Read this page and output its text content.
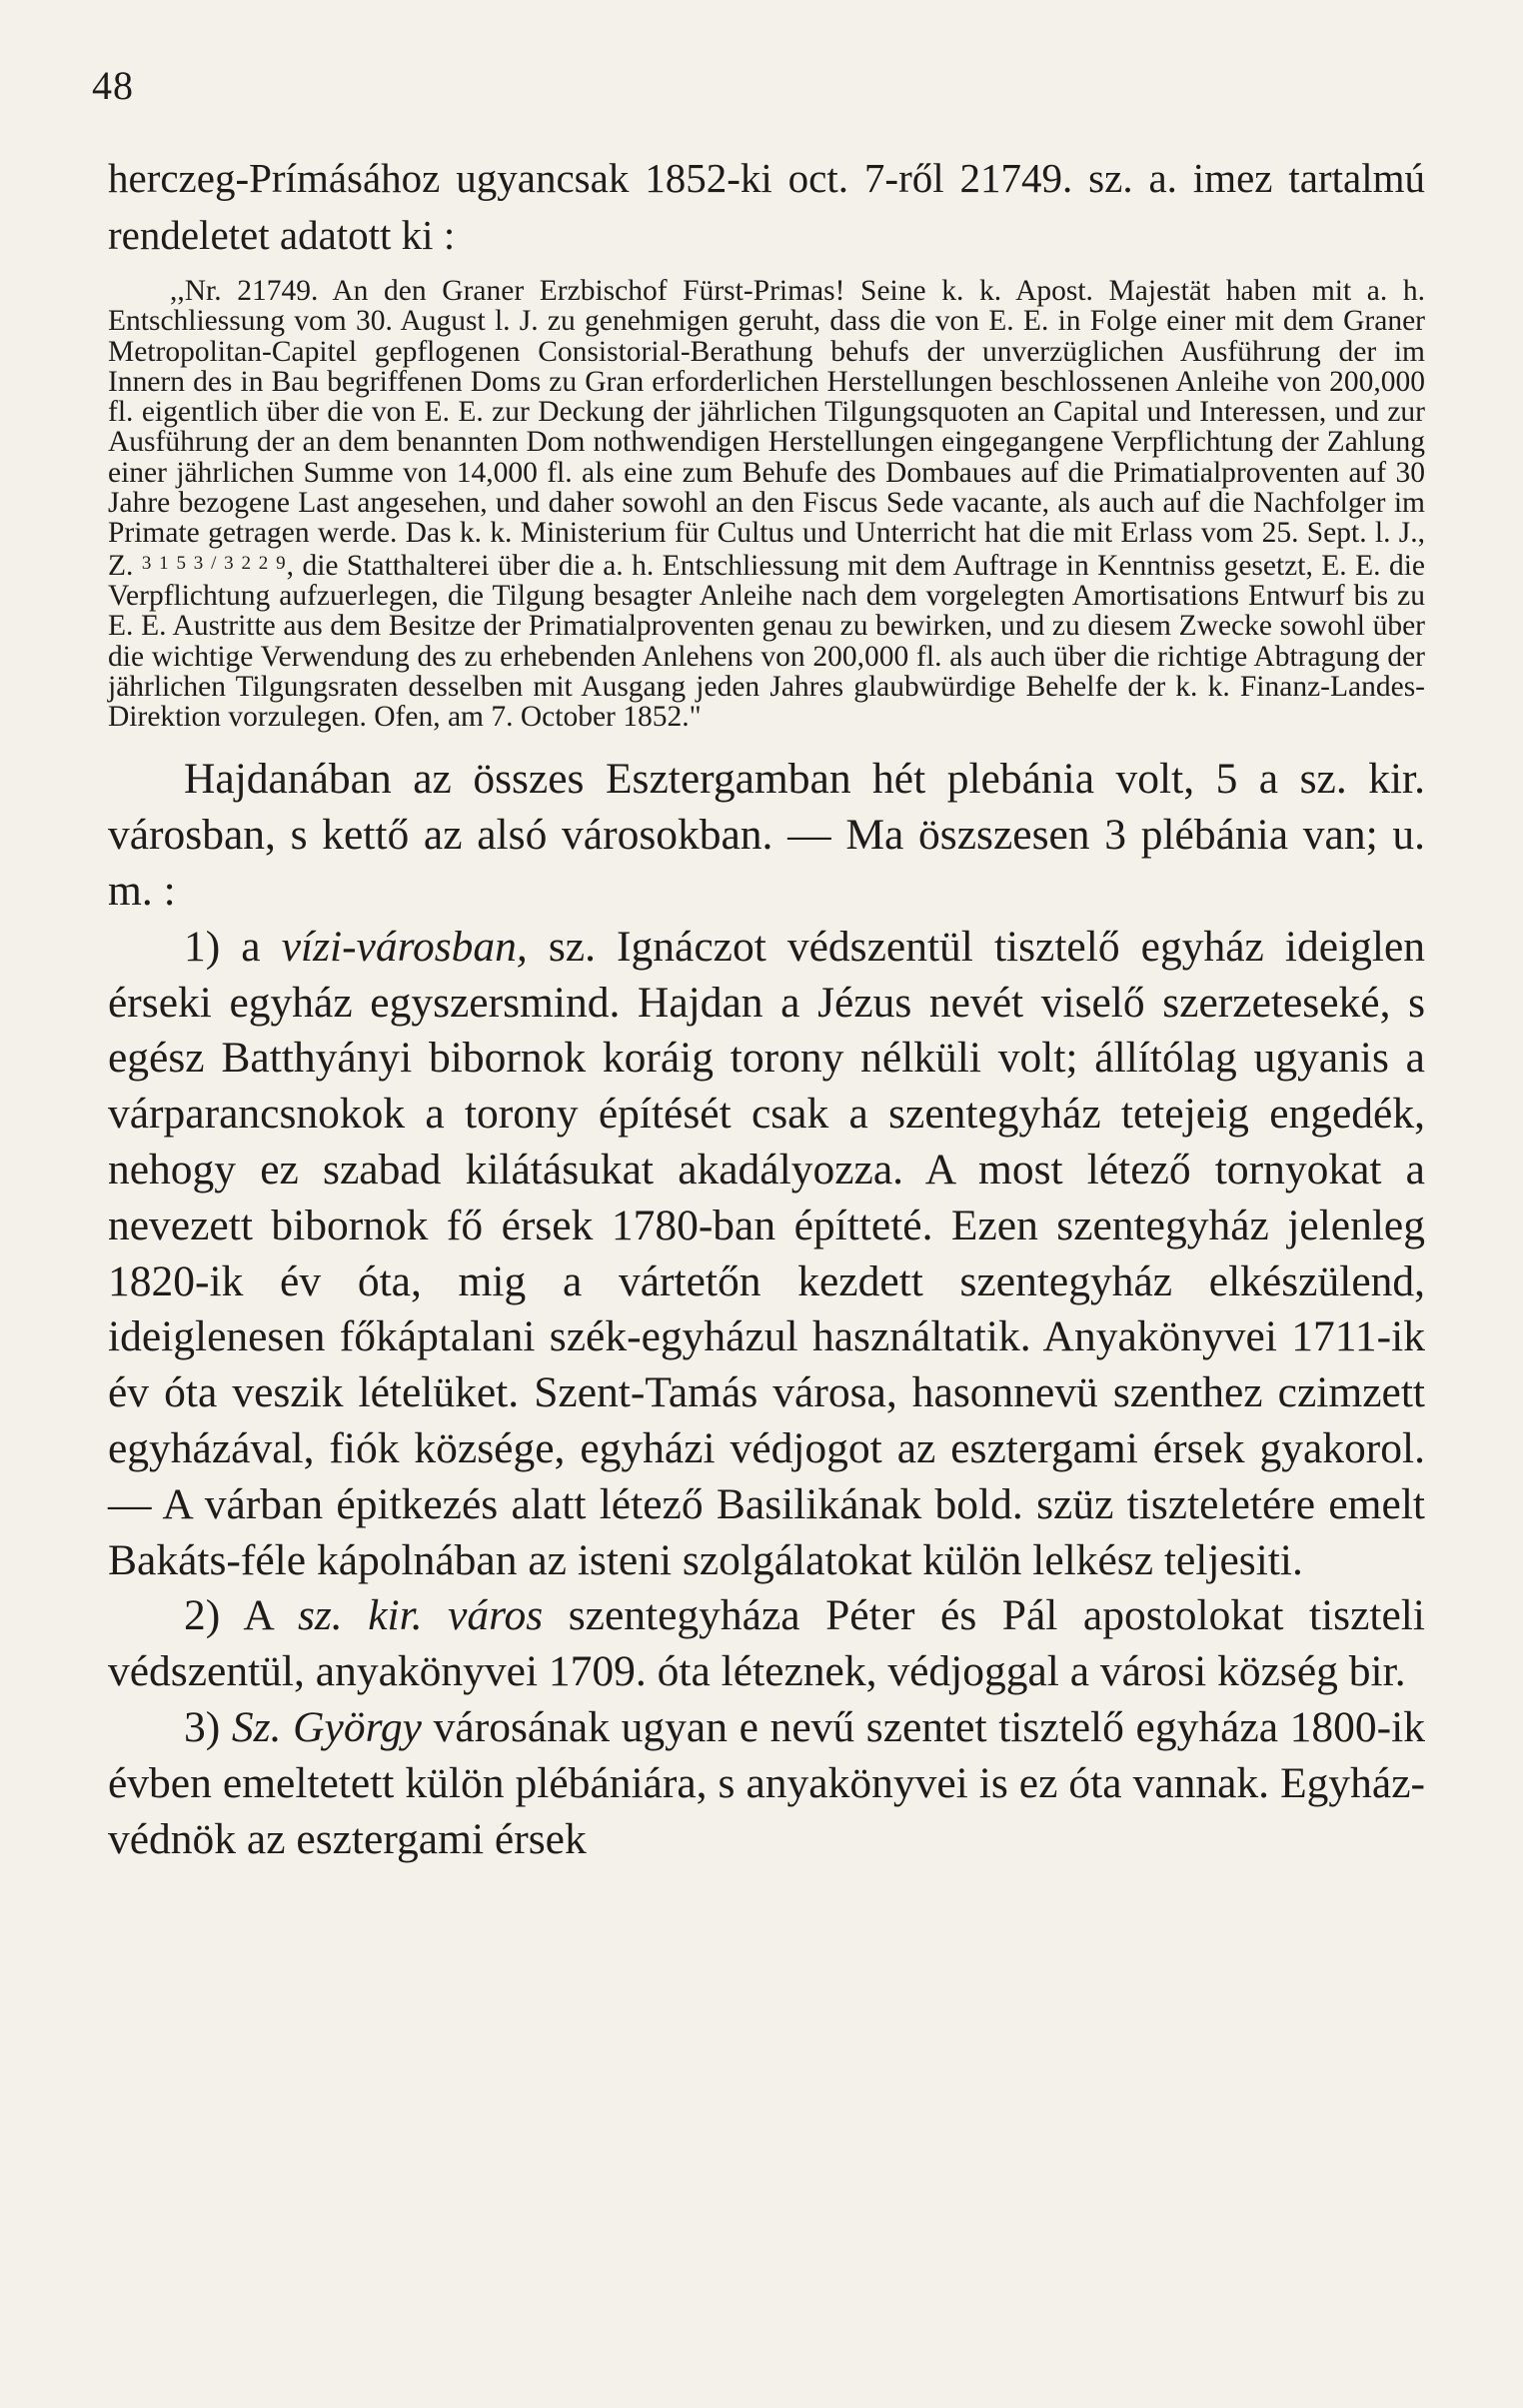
48

herczeg-Prímásához ugyancsak 1852-ki oct. 7-ről 21749. sz. a. imez tartalmú rendeletet adatott ki :

,,Nr. 21749. An den Graner Erzbischof Fürst-Primas! Seine k. k. Apost. Majestät haben mit a. h. Entschliessung vom 30. August l. J. zu genehmigen geruht, dass die von E. E. in Folge einer mit dem Graner Metropolitan-Capitel gepflogenen Consistorial-Berathung behufs der unverzüglichen Ausführung der im Innern des in Bau begriffenen Doms zu Gran erforderlichen Herstellungen beschlossenen Anleihe von 200,000 fl. eigentlich über die von E. E. zur Deckung der jährlichen Tilgungsquoten an Capital und Interessen, und zur Ausführung der an dem benannten Dom nothwendigen Herstellungen eingegangene Verpflichtung der Zahlung einer jährlichen Summe von 14,000 fl. als eine zum Behufe des Dombaues auf die Primatialproventen auf 30 Jahre bezogene Last angesehen, und daher sowohl an den Fiscus Sede vacante, als auch auf die Nachfolger im Primate getragen werde. Das k. k. Ministerium für Cultus und Unterricht hat die mit Erlass vom 25. Sept. l. J., Z. $^{3 1 5 3 / 3 2 2 9}$, die Statthalterei über die a. h. Entschliessung mit dem Auftrage in Kenntniss gesetzt, E. E. die Verpflichtung aufzuerlegen, die Tilgung besagter Anleihe nach dem vorgelegten Amortisations Entwurf bis zu E. E. Austritte aus dem Besitze der Primatialproventen genau zu bewirken, und zu diesem Zwecke sowohl über die wichtige Verwendung des zu erhebenden Anlehens von 200,000 fl. als auch über die richtige Abtragung der jährlichen Tilgungsraten desselben mit Ausgang jeden Jahres glaubwürdige Behelfe der k. k. Finanz-Landes-Direktion vorzulegen. Ofen, am 7. October 1852."

Hajdanában az összes Esztergamban hét plebánia volt, 5 a sz. kir. városban, s kettő az alsó városokban. — Ma öszszesen 3 plébánia van; u. m. :

1) a vízi-városban, sz. Ignáczot védszentül tisztelő egyház ideiglen érseki egyház egyszersmind. Hajdan a Jézus nevét viselő szerzeteseké, s egész Batthyányi bibornok koráig torony nélküli volt; állítólag ugyanis a várparancsnokok a torony építését csak a szentegyház tetejeig engedék, nehogy ez szabad kilátásukat akadályozza. A most létező tornyokat a nevezett bibornok fő érsek 1780-ban építteté. Ezen szentegyház jelenleg 1820-ik év óta, mig a vártetőn kezdett szentegyház elkészülend, ideiglenesen főkáptalani szék-egyházul használtatik. Anyakönyvei 1711-ik év óta veszik lételüket. Szent-Tamás városa, hasonnevü szenthez czimzett egyházával, fiók községe, egyházi védjogot az esztergami érsek gyakorol. — A várban épitkezés alatt létező Basilikának bold. szüz tiszteletére emelt Bakáts-féle kápolnában az isteni szolgálatokat külön lelkész teljesiti.

2) A sz. kir. város szentegyháza Péter és Pál apostolokat tiszteli védszentül, anyakönyvei 1709. óta léteznek, védjoggal a városi község bir.

3) Sz. György városának ugyan e nevű szentet tisztelő egyháza 1800-ik évben emeltetett külön plébániára, s anyakönyvei is ez óta vannak. Egyház-védnök az esztergami érsek
